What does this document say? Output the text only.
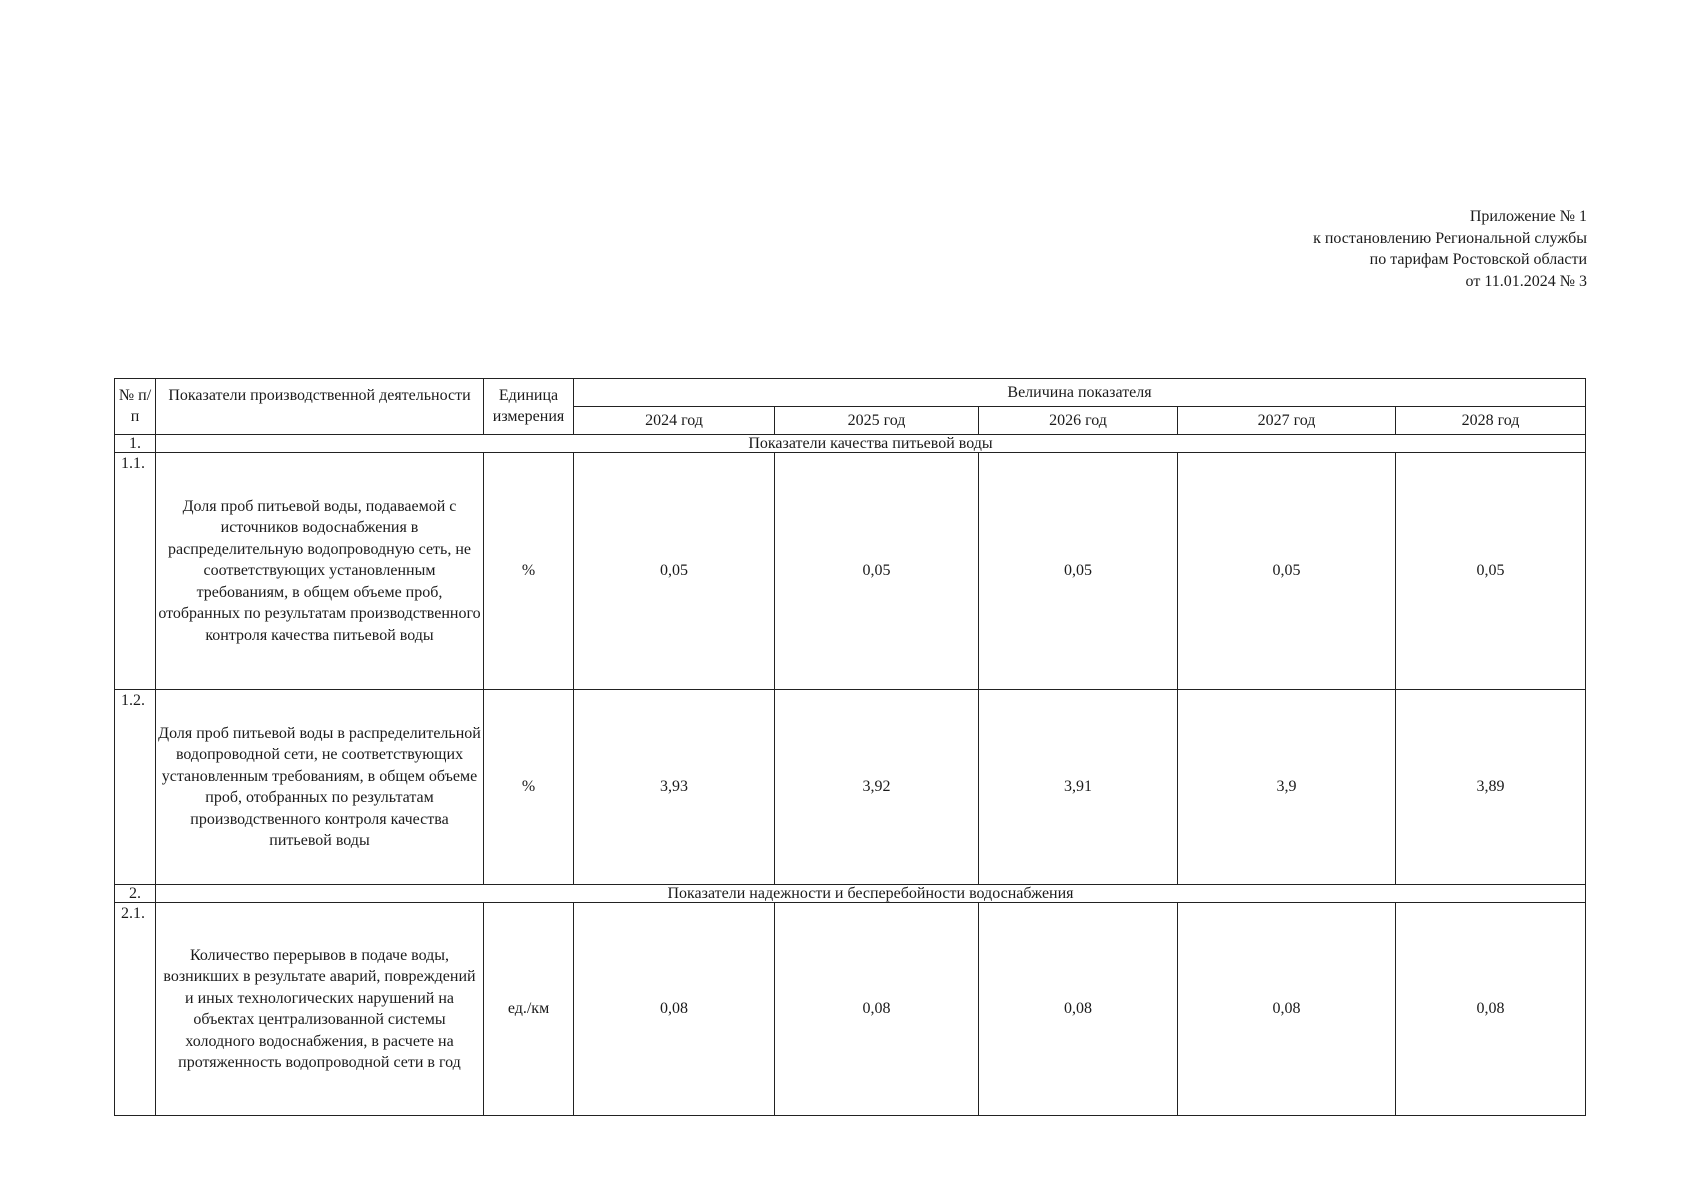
Приложение № 1
к постановлению Региональной службы
по тарифам Ростовской области
от 11.01.2024 № 3
№ п/п	Показатели производственной деятельности	Единица измерения	Величина показателя				
			2024 год	2025 год	2026 год	2027 год	2028 год
1.	Показатели качества питьевой воды						
1.1.	Доля проб питьевой воды, подаваемой с источников водоснабжения в распределительную водопроводную сеть, не соответствующих установленным требованиям, в общем объеме проб, отобранных по результатам производственного контроля качества питьевой воды	%	0,05	0,05	0,05	0,05	0,05
1.2.	Доля проб питьевой воды в распределительной водопроводной сети, не соответствующих установленным требованиям, в общем объеме проб, отобранных по результатам производственного контроля качества питьевой воды	%	3,93	3,92	3,91	3,9	3,89
2.	Показатели надежности и бесперебойности водоснабжения						
2.1.	Количество перерывов в подаче воды, возникших в результате аварий, повреждений и иных технологических нарушений на объектах централизованной системы холодного водоснабжения, в расчете на протяженность водопроводной сети в год	ед./км	0,08	0,08	0,08	0,08	0,08
